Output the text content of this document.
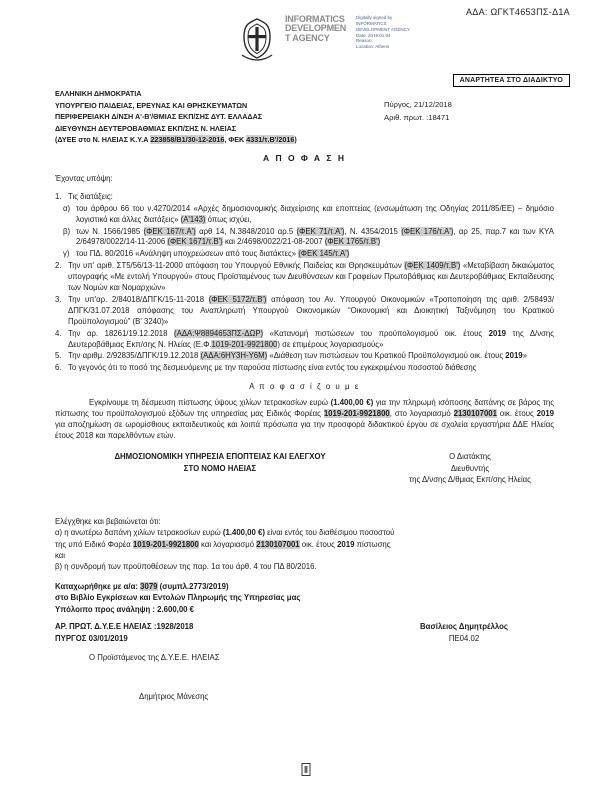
ΑΔΑ: ΩΓΚΤ4653ΠΣ-Δ1Α
INFORMATICS
DEVELOPMEN
T AGENCY
Digitally signed by
INFORMATICS
DEVELOPMENT AGENCY
Date: 2019.01.04
Reason:
Location: Athens
ΑΝΑΡΤΗΤΕΑ ΣΤΟ ΔΙΑΔΙΚΤΥΟ
ΕΛΛΗΝΙΚΗ ΔΗΜΟΚΡΑΤΙΑ
ΥΠΟΥΡΓΕΙΟ ΠΑΙΔΕΙΑΣ, ΕΡΕΥΝΑΣ ΚΑΙ ΘΡΗΣΚΕΥΜΑΤΩΝ
ΠΕΡΙΦΕΡΕΙΑΚΗ Δ/ΝΣΗ Α'-Β'/ΘΜΙΑΣ ΕΚΠ/ΣΗΣ ΔΥΤ. ΕΛΛΑΔΑΣ
ΔΙΕΥΘΥΝΣΗ ΔΕΥΤΕΡΟΒΑΘΜΙΑΣ ΕΚΠ/ΣΗΣ Ν. ΗΛΕΙΑΣ
(ΔΥΕΕ στο Ν. ΗΛΕΙΑΣ Κ.Υ.Α 223858/Β1/30-12-2016, ΦΕΚ 4331/τ.Β'/2016)
Πύργος, 21/12/2018
Αριθ. πρωτ. :18471
Α Π Ο Φ Α Σ Η
Έχοντας υπόψη:
1. Τις διατάξεις:
α) του άρθρου 66 του ν.4270/2014 «Αρχές δημοσιονομικής διαχείρισης και εποπτείας (ενσωμάτωση της Οδηγίας 2011/85/ΕΕ) – δημόσιο λογιστικό και άλλες διατάξεις» (Α'143) όπως ισχύει,
β) των Ν. 1566/1985 (ΦΕΚ 167/τ.Α') αρθ 14, Ν.3848/2010 αρ.5 (ΦΕΚ 71/τ.Α'), Ν. 4354/2015 (ΦΕΚ 176/τ.Α'), αρ 25, παρ.7 και των ΚΥΑ 2/64978/0022/14-11-2006 (ΦΕΚ 1671/τ.Β') και 2/4698/0022/21-08-2007 (ΦΕΚ 1765/τ.Β')
γ) του ΠΔ. 80/2016 «Ανάληψη υποχρεώσεων από τους διατάκτες» (ΦΕΚ 145/τ.Α')
2. Την υπ' αριθ. ΣΤ5/56/13-11-2000 απόφαση του Υπουργού Εθνικής Παιδείας και Θρησκευμάτων (ΦΕΚ 1409/τ.Β') «Μεταβίβαση δικαιώματος υπογραφής «Με εντολή Υπουργού» στους Προϊσταμένους των Διευθύνσεων και Γραφείων Πρωτοβάθμιας και Δευτεροβάθμιας Εκπαίδευσης των Νομών και Νομαρχιών»
3. Την υπ'αρ. 2/84018/ΔΠΓΚ/15-11-2018 (ΦΕΚ 5172/τ.Β') απόφαση του Αν. Υπουργού Οικονομικών «Τροποποίηση της αριθ. 2/58493/ΔΠΓΚ/31.07.2018 απόφασης του Αναπληρωτή Υπουργού Οικονομικών “Οικονομική και Διοικητική Ταξινόμηση του Κρατικού Προϋπολογισμού” (Β' 3240)»
4. Την αρ. 18261/19.12.2018 (ΑΔΑ:Ψ8894653ΠΣ-ΔΩΡ) «Κατανομή πιστώσεων του προϋπολογισμού οικ. έτους 2019 της Δ/νσης Δευτεροβάθμιας Εκπ/σης Ν. Ηλείας (Ε.Φ.1019-201-9921800) σε επιμέρους λογαριασμούς»
5. Την αριθμ. 2/92835/ΔΠΓΚ/19.12.2018 (ΑΔΑ:6ΗΥ3Η-Υ6Μ) «Διάθεση των πιστώσεων του Κρατικού Προϋπολογισμού οικ. έτους 2019»
6. Το γεγονός ότι το ποσό της δεσμευόμενης με την παρούσα πίστωσης είναι εντός του εγκεκριμένου ποσοστού διάθεσης
Α π ο φ α σ ί ζ ο υ μ ε
Εγκρίνουμε τη δέσμευση πίστωσης ύψους χιλίων τετρακοσίων ευρώ (1.400,00 €) για την πληρωμή ισόποσης δαπάνης σε βάρος της πίστωσης του προϋπολογισμού εξόδων της υπηρεσίας μας Ειδικός Φορέας 1019-201-9921800, στο λογαριασμό 2130107001 οικ. έτους 2019 για αποζημίωση σε ωρομίσθιους εκπαιδευτικούς και λοιπά πρόσωπα για την προσφορά διδακτικού έργου σε σχολεία εργαστήρια ΔΔΕ Ηλείας έτους 2018 και παρελθόντων ετών.
ΔΗΜΟΣΙΟΝΟΜΙΚΗ ΥΠΗΡΕΣΙΑ ΕΠΟΠΤΕΙΑΣ ΚΑΙ ΕΛΕΓΧΟΥ
ΣΤΟ ΝΟΜΟ ΗΛΕΙΑΣ
Ο Διατάκτης
Διευθυντής
της Δ/νσης Δ/θμιας Εκπ/σης Ηλείας
Ελέγχθηκε και βεβαιώνεται ότι:
α) η ανωτέρω δαπάνη χιλίων τετρακοσίων ευρώ (1.400,00 €) είναι εντός του διαθέσιμου ποσοστού της υπό Ειδικό Φορέα 1019-201-9921800 και λογαριασμό 2130107001 οικ. έτους 2019 πίστωσης και
β) η συνδρομή των προϋποθέσεων της παρ. 1α του άρθ. 4 του ΠΔ 80/2016.
Καταχωρήθηκε με α/α: 3079 (συμπλ.2773/2019)
στο Βιβλίο Εγκρίσεων και Εντολών Πληρωμής της Υπηρεσίας μας
Υπόλοιπο προς ανάληψη : 2.600,00 €
ΑΡ. ΠΡΩΤ. Δ.Υ.Ε.Ε ΗΛΕΙΑΣ :1928/2018
ΠΥΡΓΟΣ 03/01/2019
Βασίλειος Δημητρέλλος
ΠΕ04.02
Ο Προϊστάμενος της Δ.Υ.Ε.Ε. ΗΛΕΙΑΣ
Δημήτριος Μάνεσης
